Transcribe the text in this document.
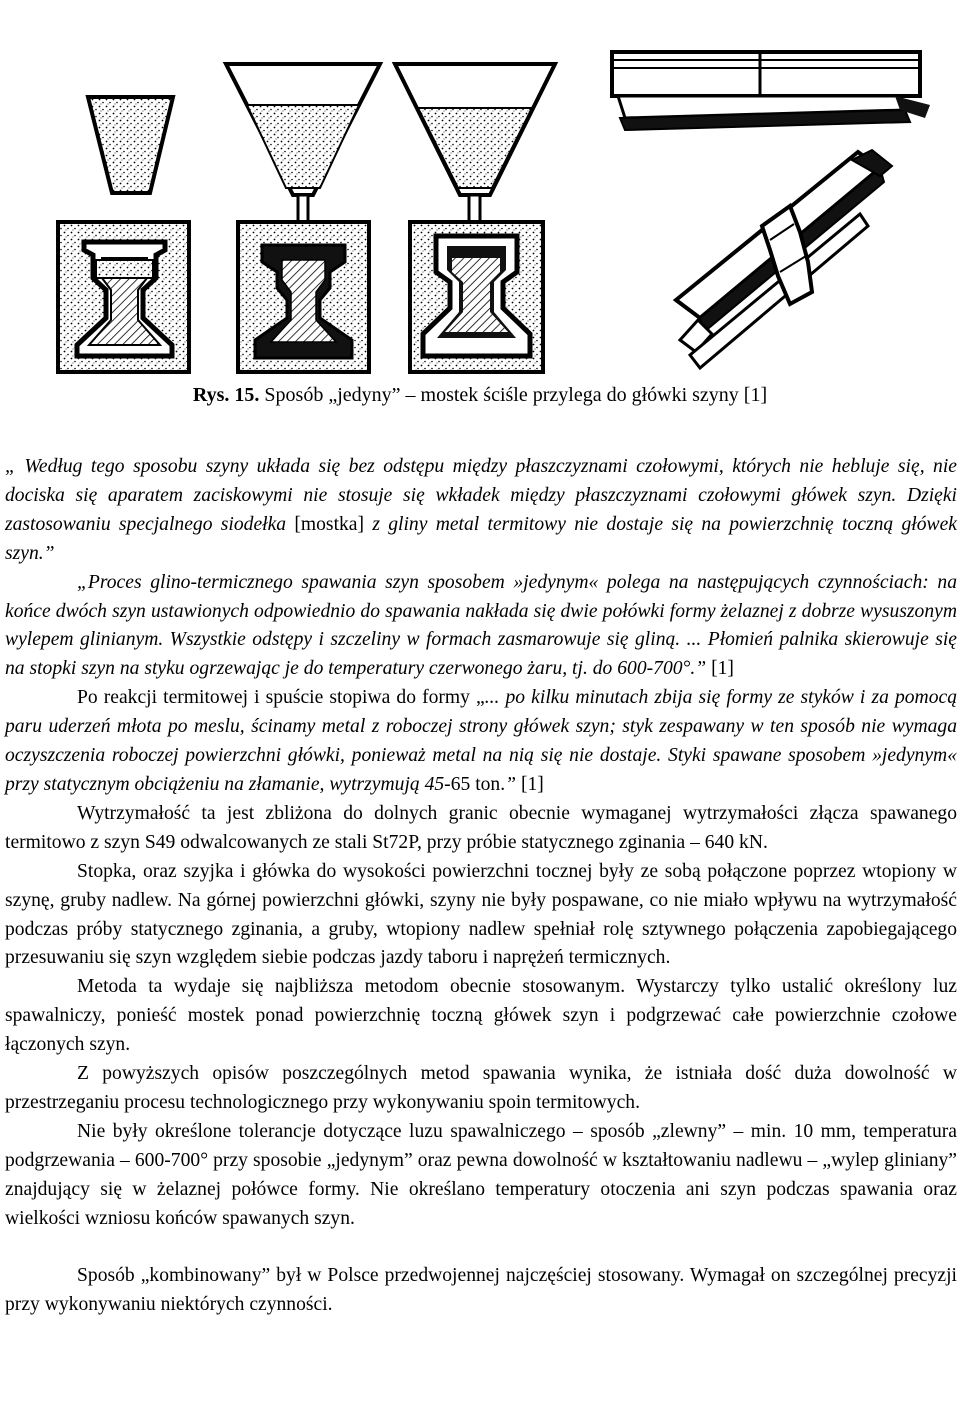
Rys. 15. Sposób „jedyny” – mostek ściśle przylega do główki szyny [1]

„ Według tego sposobu szyny układa się bez odstępu między płaszczyznami czołowymi, których nie hebluje się, nie dociska się aparatem zaciskowymi nie stosuje się wkładek między płaszczyznami czołowymi główek szyn. Dzięki zastosowaniu specjalnego siodełka [mostka] z gliny metal termitowy nie dostaje się na powierzchnię toczną główek szyn.”

„Proces glino-termicznego spawania szyn sposobem »jedynym« polega na następujących czynnościach: na końce dwóch szyn ustawionych odpowiednio do spawania nakłada się dwie połówki formy żelaznej z dobrze wysuszonym wylepem glinianym. Wszystkie odstępy i szczeliny w formach zasmarowuje się gliną. ... Płomień palnika skierowuje się na stopki szyn na styku ogrzewając je do temperatury czerwonego żaru, tj. do 600-700°.” [1]

Po reakcji termitowej i spuście stopiwa do formy „... po kilku minutach zbija się formy ze styków i za pomocą paru uderzeń młota po meslu, ścinamy metal z roboczej strony główek szyn; styk zespawany w ten sposób nie wymaga oczyszczenia roboczej powierzchni główki, ponieważ metal na nią się nie dostaje. Styki spawane sposobem »jedynym« przy statycznym obciążeniu na złamanie, wytrzymują 45-65 ton.” [1]

Wytrzymałość ta jest zbliżona do dolnych granic obecnie wymaganej wytrzymałości złącza spawanego termitowo z szyn S49 odwalcowanych ze stali St72P, przy próbie statycznego zginania – 640 kN.

Stopka, oraz szyjka i główka do wysokości powierzchni tocznej były ze sobą połączone poprzez wtopiony w szynę, gruby nadlew. Na górnej powierzchni główki, szyny nie były pospawane, co nie miało wpływu na wytrzymałość podczas próby statycznego zginania, a gruby, wtopiony nadlew spełniał rolę sztywnego połączenia zapobiegającego przesuwaniu się szyn względem siebie podczas jazdy taboru i naprężeń termicznych.

Metoda ta wydaje się najbliższa metodom obecnie stosowanym. Wystarczy tylko ustalić określony luz spawalniczy, ponieść mostek ponad powierzchnię toczną główek szyn i podgrzewać całe powierzchnie czołowe łączonych szyn.

Z powyższych opisów poszczególnych metod spawania wynika, że istniała dość duża dowolność w przestrzeganiu procesu technologicznego przy wykonywaniu spoin termitowych.

Nie były określone tolerancje dotyczące luzu spawalniczego – sposób „zlewny” – min. 10 mm, temperatura podgrzewania – 600-700° przy sposobie „jedynym” oraz pewna dowolność w kształtowaniu nadlewu – „wylep gliniany” znajdujący się w żelaznej połówce formy. Nie określano temperatury otoczenia ani szyn podczas spawania oraz wielkości wzniosu końców spawanych szyn.

Sposób „kombinowany” był w Polsce przedwojennej najczęściej stosowany. Wymagał on szczególnej precyzji przy wykonywaniu niektórych czynności.
